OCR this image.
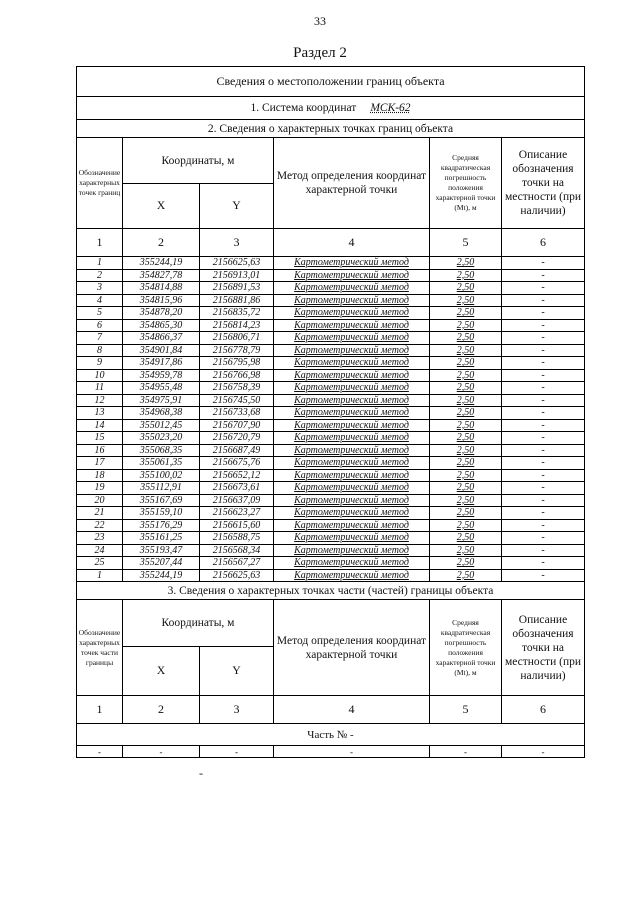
33
Раздел 2
Сведения о местоположении границ объекта					
1. Система координат МСК-62					
2. Сведения о характерных точках границ объекта					
Обозначение характерных точек границ	Координаты, м		Метод определения координат характерной точки	Средняя квадратическая погрешность положения характерной точки (Мt), м	Описание обозначения точки на местности (при наличии)
	X	Y			
1	2	3	4	5	6
1	355244,19	2156625,63	Картометрический метод	2,50	-
2	354827,78	2156913,01	Картометрический метод	2,50	-
3	354814,88	2156891,53	Картометрический метод	2,50	-
4	354815,96	2156881,86	Картометрический метод	2,50	-
5	354878,20	2156835,72	Картометрический метод	2,50	-
6	354865,30	2156814,23	Картометрический метод	2,50	-
7	354866,37	2156806,71	Картометрический метод	2,50	-
8	354901,84	2156778,79	Картометрический метод	2,50	-
9	354917,86	2156795,98	Картометрический метод	2,50	-
10	354959,78	2156766,98	Картометрический метод	2,50	-
11	354955,48	2156758,39	Картометрический метод	2,50	-
12	354975,91	2156745,50	Картометрический метод	2,50	-
13	354968,38	2156733,68	Картометрический метод	2,50	-
14	355012,45	2156707,90	Картометрический метод	2,50	-
15	355023,20	2156720,79	Картометрический метод	2,50	-
16	355068,35	2156687,49	Картометрический метод	2,50	-
17	355061,35	2156675,76	Картометрический метод	2,50	-
18	355100,02	2156652,12	Картометрический метод	2,50	-
19	355112,91	2156673,61	Картометрический метод	2,50	-
20	355167,69	2156637,09	Картометрический метод	2,50	-
21	355159,10	2156623,27	Картометрический метод	2,50	-
22	355176,29	2156615,60	Картометрический метод	2,50	-
23	355161,25	2156588,75	Картометрический метод	2,50	-
24	355193,47	2156568,34	Картометрический метод	2,50	-
25	355207,44	2156567,27	Картометрический метод	2,50	-
1	355244,19	2156625,63	Картометрический метод	2,50	-
3. Сведения о характерных точках части (частей) границы объекта					
Обозначение характерных точек части границы	Координаты, м		Метод определения координат характерной точки	Средняя квадратическая погрешность положения характерной точки (Мt), м	Описание обозначения точки на местности (при наличии)
	X	Y			
1	2	3	4	5	6
Часть № -					
-	-	-	-	-	-
-
